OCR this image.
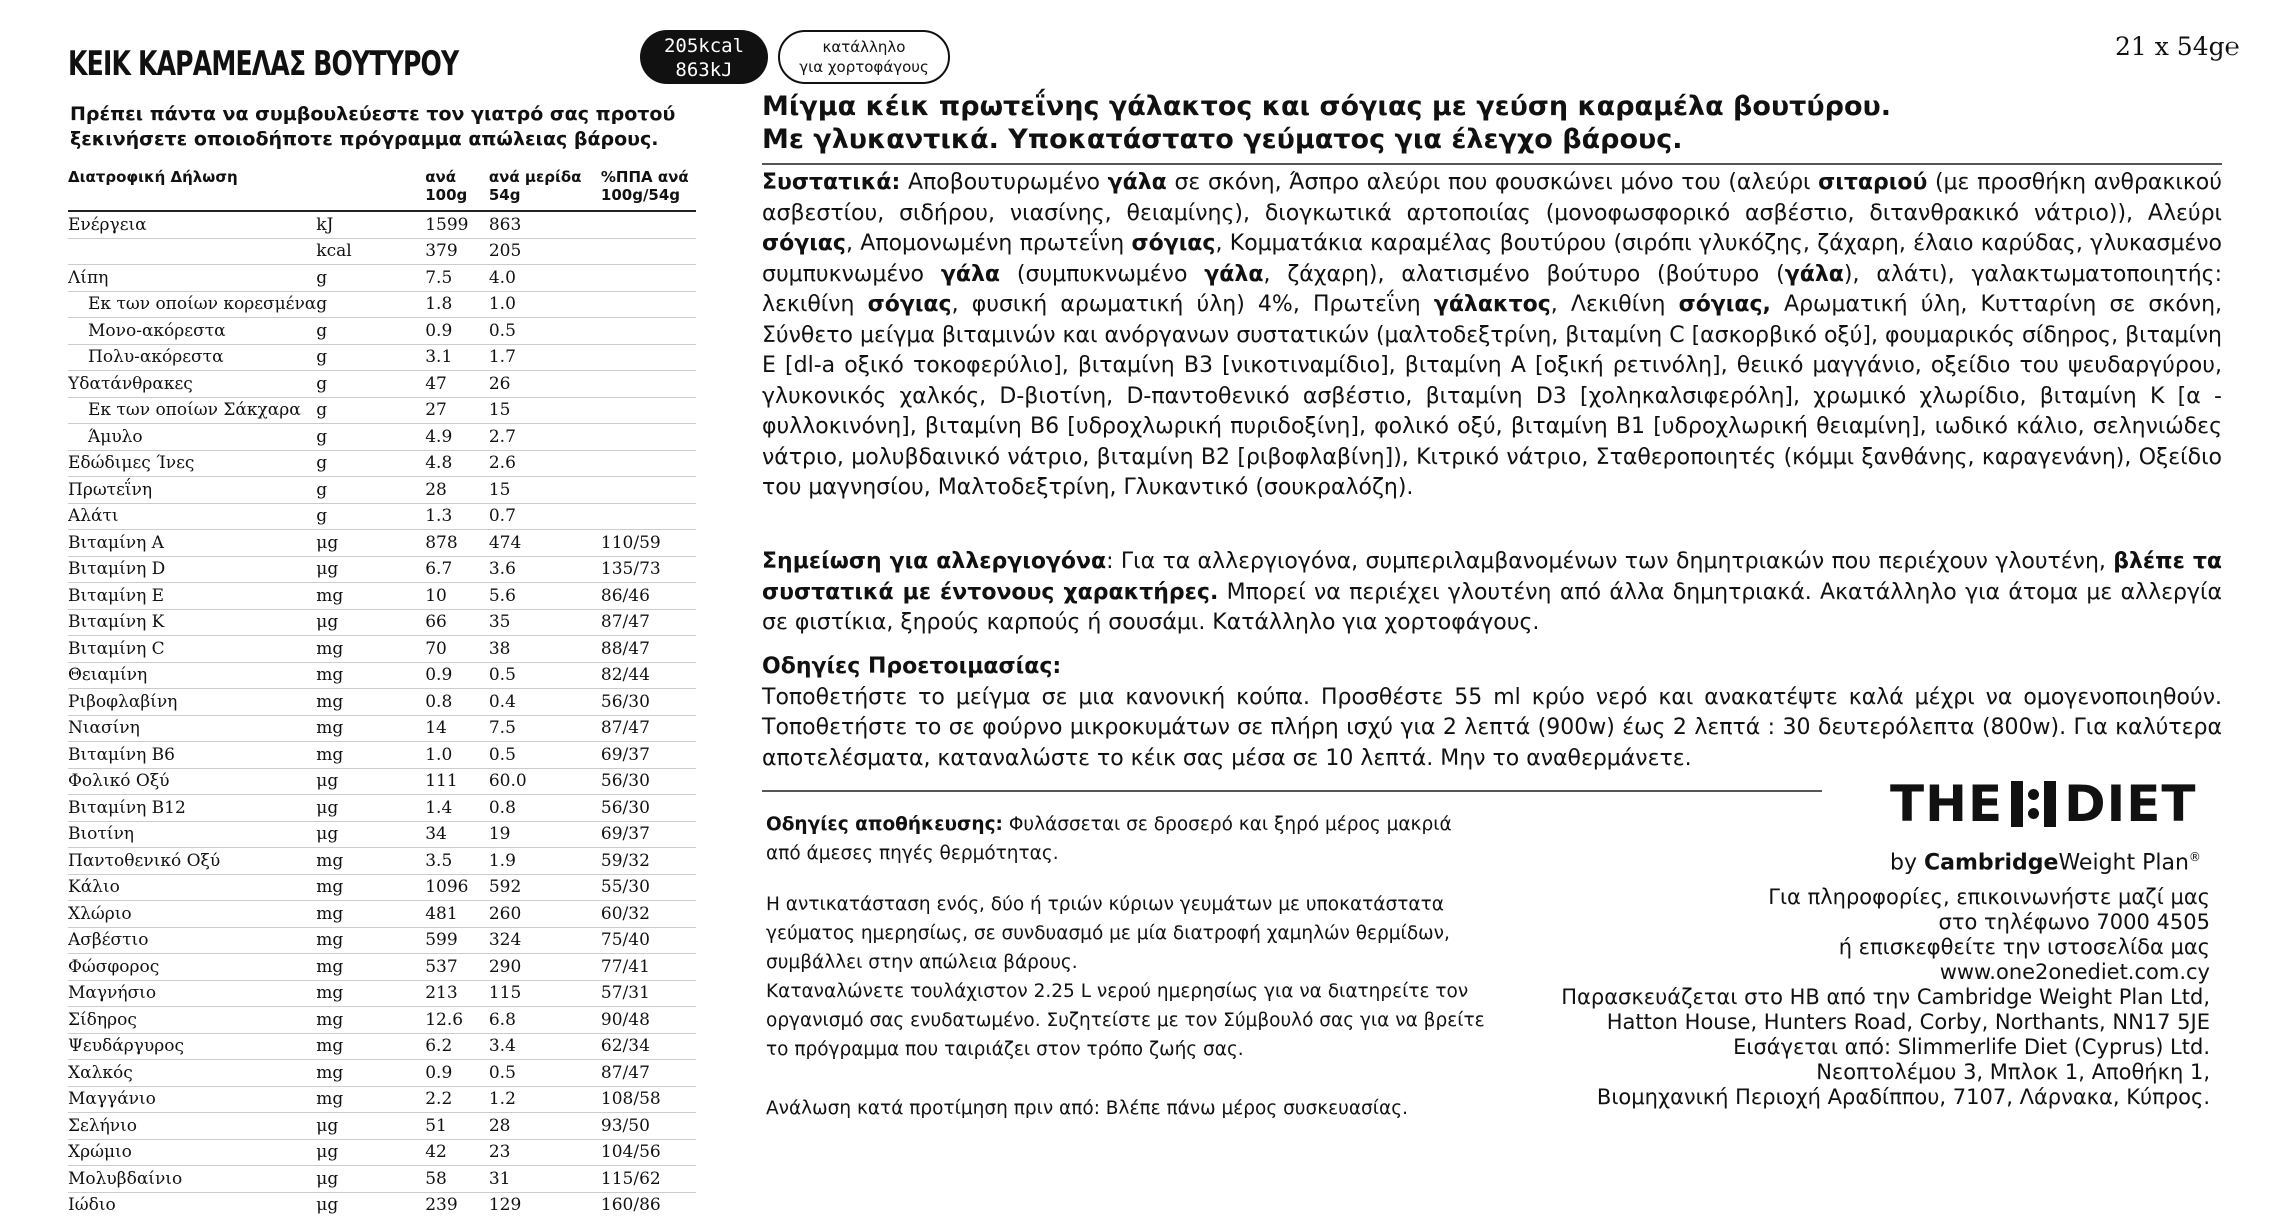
ΚΕΙΚ ΚΑΡΑΜΕΛΑΣ ΒΟΥΤΥΡΟΥ	205kcal
863kJ
κατάλληλο
για χορτοφάγους
21 x 54g℮
Πρέπει πάντα να συμβουλεύεστε τον γιατρό σας προτού ξεκινήσετε οποιοδήποτε πρόγραμμα απώλειας βάρους.
Διατροφική Δήλωση		ανά 100g	ανά μερίδα 54g	%ΠΠΑ ανά 100g/54g
Ενέργεια	kJ	1599	863	
	kcal	379	205	
Λίπη	g	7.5	4.0	
Εκ των οποίων κορεσμένα	g	1.8	1.0	
Μονο-ακόρεστα	g	0.9	0.5	
Πολυ-ακόρεστα	g	3.1	1.7	
Υδατάνθρακες	g	47	26	
Εκ των οποίων Σάκχαρα	g	27	15	
Άμυλο	g	4.9	2.7	
Εδώδιμες Ίνες	g	4.8	2.6	
Πρωτεΐνη	g	28	15	
Αλάτι	g	1.3	0.7	
Βιταμίνη Α	μg	878	474	110/59
Βιταμίνη D	μg	6.7	3.6	135/73
Βιταμίνη Ε	mg	10	5.6	86/46
Βιταμίνη Κ	μg	66	35	87/47
Βιταμίνη C	mg	70	38	88/47
Θειαμίνη	mg	0.9	0.5	82/44
Ριβοφλαβίνη	mg	0.8	0.4	56/30
Νιασίνη	mg	14	7.5	87/47
Βιταμίνη Β6	mg	1.0	0.5	69/37
Φολικό Οξύ	μg	111	60.0	56/30
Βιταμίνη Β12	μg	1.4	0.8	56/30
Βιοτίνη	μg	34	19	69/37
Παντοθενικό Οξύ	mg	3.5	1.9	59/32
Κάλιο	mg	1096	592	55/30
Χλώριο	mg	481	260	60/32
Ασβέστιο	mg	599	324	75/40
Φώσφορος	mg	537	290	77/41
Μαγνήσιο	mg	213	115	57/31
Σίδηρος	mg	12.6	6.8	90/48
Ψευδάργυρος	mg	6.2	3.4	62/34
Χαλκός	mg	0.9	0.5	87/47
Μαγγάνιο	mg	2.2	1.2	108/58
Σελήνιο	μg	51	28	93/50
Χρώμιο	μg	42	23	104/56
Μολυβδαίνιο	μg	58	31	115/62
Ιώδιο	μg	239	129	160/86
Μίγμα κέικ πρωτεΐνης γάλακτος και σόγιας με γεύση καραμέλα βουτύρου.
Με γλυκαντικά. Υποκατάστατο γεύματος για έλεγχο βάρους.
Συστατικά: Αποβουτυρωμένο γάλα σε σκόνη, Άσπρο αλεύρι που φουσκώνει μόνο του (αλεύρι σιταριού (με προσθήκη ανθρακικού ασβεστίου, σιδήρου, νιασίνης, θειαμίνης), διογκωτικά αρτοποιίας (μονοφωσφορικό ασβέστιο, διτανθρακικό νάτριο)), Αλεύρι σόγιας, Απομονωμένη πρωτεΐνη σόγιας, Κομματάκια καραμέλας βουτύρου (σιρόπι γλυκόζης, ζάχαρη, έλαιο καρύδας, γλυκασμένο συμπυκνωμένο γάλα (συμπυκνωμένο γάλα, ζάχαρη), αλατισμένο βούτυρο (βούτυρο (γάλα), αλάτι), γαλακτωματοποιητής: λεκιθίνη σόγιας, φυσική αρωματική ύλη) 4%, Πρωτεΐνη γάλακτος, Λεκιθίνη σόγιας, Αρωματική ύλη, Κυτταρίνη σε σκόνη, Σύνθετο μείγμα βιταμινών και ανόργανων συστατικών (μαλτοδεξτρίνη, βιταμίνη C [ασκορβικό οξύ], φουμαρικός σίδηρος, βιταμίνη E [dl-a οξικό τοκοφερύλιο], βιταμίνη B3 [νικοτιναμίδιο], βιταμίνη A [οξική ρετινόλη], θειικό μαγγάνιο, οξείδιο του ψευδαργύρου, γλυκονικός χαλκός, D-βιοτίνη, D-παντοθενικό ασβέστιο, βιταμίνη D3 [χοληκαλσιφερόλη], χρωμικό χλωρίδιο, βιταμίνη K [α - φυλλοκινόνη], βιταμίνη B6 [υδροχλωρική πυριδοξίνη], φολικό οξύ, βιταμίνη B1 [υδροχλωρική θειαμίνη], ιωδικό κάλιο, σεληνιώδες νάτριο, μολυβδαινικό νάτριο, βιταμίνη B2 [ριβοφλαβίνη]), Κιτρικό νάτριο, Σταθεροποιητές (κόμμι ξανθάνης, καραγενάνη), Οξείδιο του μαγνησίου, Μαλτοδεξτρίνη, Γλυκαντικό (σουκραλόζη).
Σημείωση για αλλεργιογόνα: Για τα αλλεργιογόνα, συμπεριλαμβανομένων των δημητριακών που περιέχουν γλουτένη, βλέπε τα συστατικά με έντονους χαρακτήρες. Μπορεί να περιέχει γλουτένη από άλλα δημητριακά. Ακατάλληλο για άτομα με αλλεργία σε φιστίκια, ξηρούς καρπούς ή σουσάμι. Κατάλληλο για χορτοφάγους.
Οδηγίες Προετοιμασίας:
Τοποθετήστε το μείγμα σε μια κανονική κούπα. Προσθέστε 55 ml κρύο νερό και ανακατέψτε καλά μέχρι να ομογενοποιηθούν. Τοποθετήστε το σε φούρνο μικροκυμάτων σε πλήρη ισχύ για 2 λεπτά (900w) έως 2 λεπτά : 30 δευτερόλεπτα (800w). Για καλύτερα αποτελέσματα, καταναλώστε το κέικ σας μέσα σε 10 λεπτά. Μην το αναθερμάνετε.

Οδηγίες αποθήκευσης: Φυλάσσεται σε δροσερό και ξηρό μέρος μακριά από άμεσες πηγές θερμότητας.

Η αντικατάσταση ενός, δύο ή τριών κύριων γευμάτων με υποκατάστατα γεύματος ημερησίως, σε συνδυασμό με μία διατροφή χαμηλών θερμίδων, συμβάλλει στην απώλεια βάρους.

Καταναλώνετε τουλάχιστον 2.25 L νερού ημερησίως για να διατηρείτε τον οργανισμό σας ενυδατωμένο. Συζητείστε με τον Σύμβουλό σας για να βρείτε το πρόγραμμα που ταιριάζει στον τρόπο ζωής σας.

Ανάλωση κατά προτίμηση πριν από: Βλέπε πάνω μέρος συσκευασίας.

THE DIET
by CambridgeWeight Plan®
Για πληροφορίες, επικοινωνήστε μαζί μας
στο τηλέφωνο 7000 4505
ή επισκεφθείτε την ιστοσελίδα μας
www.one2onediet.com.cy
Παρασκευάζεται στο ΗΒ από την Cambridge Weight Plan Ltd,
Hatton House, Hunters Road, Corby, Northants, NN17 5JE
Εισάγεται από: Slimmerlife Diet (Cyprus) Ltd.
Νεοπτολέμου 3, Μπλοκ 1, Αποθήκη 1,
Βιομηχανική Περιοχή Αραδίππου, 7107, Λάρνακα, Κύπρος.
